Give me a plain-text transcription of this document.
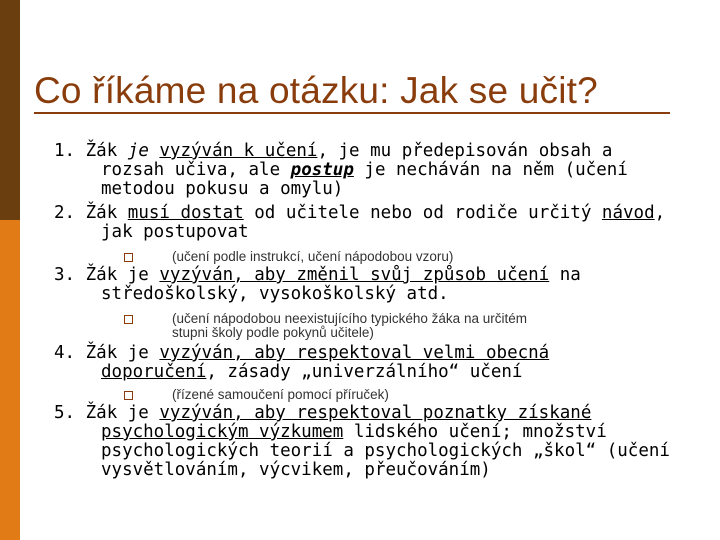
Co říkáme na otázku: Jak se učit?
1. Žák je vyzýván k učení, je mu předepisován obsah a
rozsah učiva, ale postup je necháván na něm (učení
metodou pokusu a omylu)
2. Žák musí dostat od učitele nebo od rodiče určitý návod,
jak postupovat
(učení podle instrukcí, učení nápodobou vzoru)
3. Žák je vyzýván, aby změnil svůj způsob učení na
středoškolský, vysokoškolský atd.
(učení nápodobou neexistujícího typického žáka na určitém
stupni školy podle pokynů učitele)
4. Žák je vyzýván, aby respektoval velmi obecná
doporučení, zásady „univerzálního“ učení
(řízené samoučení pomocí příruček)
5. Žák je vyzýván, aby respektoval poznatky získané
psychologickým výzkumem lidského učení; množství
psychologických teorií a psychologických „škol“ (učení
vysvětlováním, výcvikem, přeučováním)
